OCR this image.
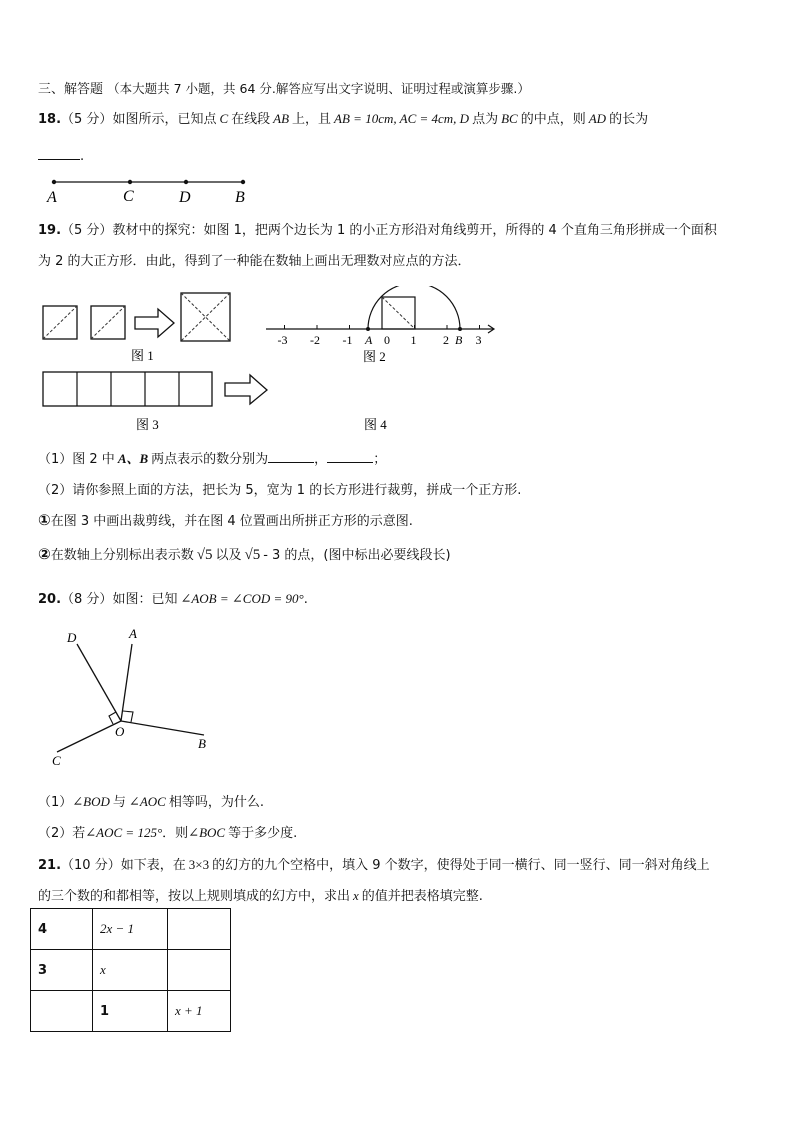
三、解答题 （本大题共 7 小题，共 64 分.解答应写出文字说明、证明过程或演算步骤.）
18.（5 分）如图所示，已知点 C 在线段 AB 上，且 AB = 10cm, AC = 4cm, D 点为 BC 的中点，则 AD 的长为
.
A	C	D	B
19.（5 分）教材中的探究：如图 1，把两个边长为 1 的小正方形沿对角线剪开，所得的 4 个直角三角形拼成一个面积
为 2 的大正方形．由此，得到了一种能在数轴上画出无理数对应点的方法．
图 1
-3 -2 -1	0 1 2 3
A	B
图 2
图 3	图 4
（1）图 2 中 A、B 两点表示的数分别为	，	；
（2）请你参照上面的方法，把长为 5，宽为 1 的长方形进行裁剪，拼成一个正方形.
①在图 3 中画出裁剪线，并在图 4 位置画出所拼正方形的示意图.
②在数轴上分别标出表示数 √5 以及 √5 - 3 的点，(图中标出必要线段长)
20.（8 分）如图：已知 ∠AOB = ∠COD = 90°.
D	A
O
B
C
（1）∠BOD 与 ∠AOC 相等吗，为什么.
（2）若∠AOC = 125°．则∠BOC 等于多少度.
21.（10 分）如下表，在 3×3 的幻方的九个空格中，填入 9 个数字，使得处于同一横行、同一竖行、同一斜对角线上
的三个数的和都相等，按以上规则填成的幻方中，求出 x 的值并把表格填完整.
4	2x − 1	
3	x	
	1	x + 1
